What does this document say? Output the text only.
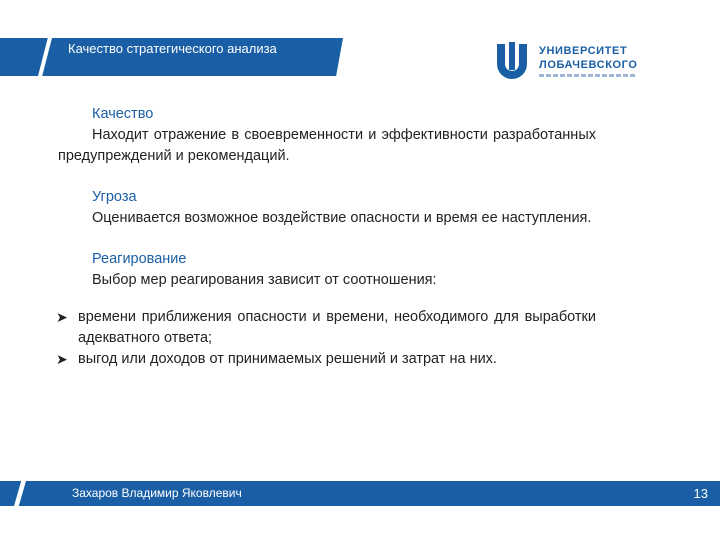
Качество стратегического анализа	УНИВЕРСИТЕТ
ЛОБАЧЕВСКОГО
Качество
Находит отражение в своевременности и эффективности разработанных предупреждений и рекомендаций.
Угроза
Оценивается возможное воздействие опасности и время ее наступления.
Реагирование
Выбор мер реагирования зависит от соотношения:
➤ времени приближения опасности и времени, необходимого для выработки адекватного ответа;
➤ выгод или доходов от принимаемых решений и затрат на них.
Захаров Владимир Яковлевич	13
